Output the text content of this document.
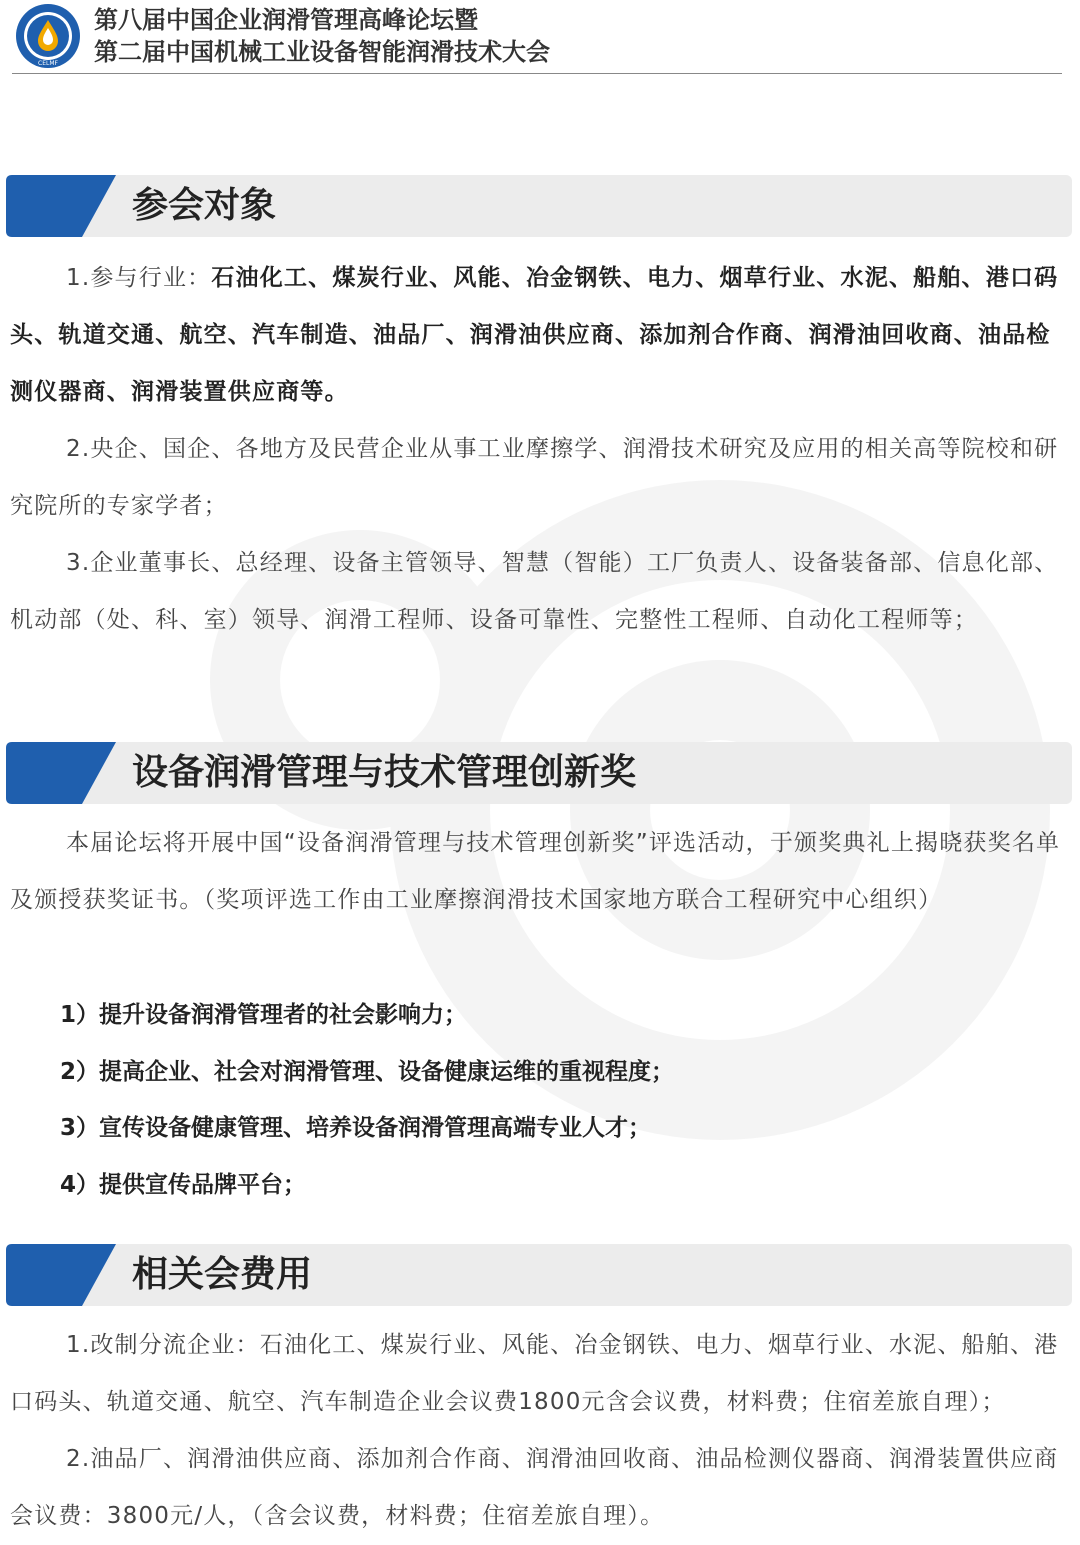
CELMF
第八届中国企业润滑管理高峰论坛暨
第二届中国机械工业设备智能润滑技术大会
参会对象
1.参与行业：石油化工、煤炭行业、风能、冶金钢铁、电力、烟草行业、水泥、船舶、港口码头、轨道交通、航空、汽车制造、油品厂、润滑油供应商、添加剂合作商、润滑油回收商、油品检测仪器商、润滑装置供应商等。
2.央企、国企、各地方及民营企业从事工业摩擦学、润滑技术研究及应用的相关高等院校和研究院所的专家学者；
3.企业董事长、总经理、设备主管领导、智慧（智能）工厂负责人、设备装备部、信息化部、机动部（处、科、室）领导、润滑工程师、设备可靠性、完整性工程师、自动化工程师等；
设备润滑管理与技术管理创新奖
本届论坛将开展中国“设备润滑管理与技术管理创新奖”评选活动，于颁奖典礼上揭晓获奖名单及颁授获奖证书。（奖项评选工作由工业摩擦润滑技术国家地方联合工程研究中心组织）
1）提升设备润滑管理者的社会影响力；
2）提高企业、社会对润滑管理、设备健康运维的重视程度；
3）宣传设备健康管理、培养设备润滑管理高端专业人才；
4）提供宣传品牌平台；
相关会费用
1.改制分流企业：石油化工、煤炭行业、风能、冶金钢铁、电力、烟草行业、水泥、船舶、港口码头、轨道交通、航空、汽车制造企业会议费1800元含会议费，材料费；住宿差旅自理）；
2.油品厂、润滑油供应商、添加剂合作商、润滑油回收商、油品检测仪器商、润滑装置供应商会议费：3800元/人，（含会议费，材料费；住宿差旅自理）。
